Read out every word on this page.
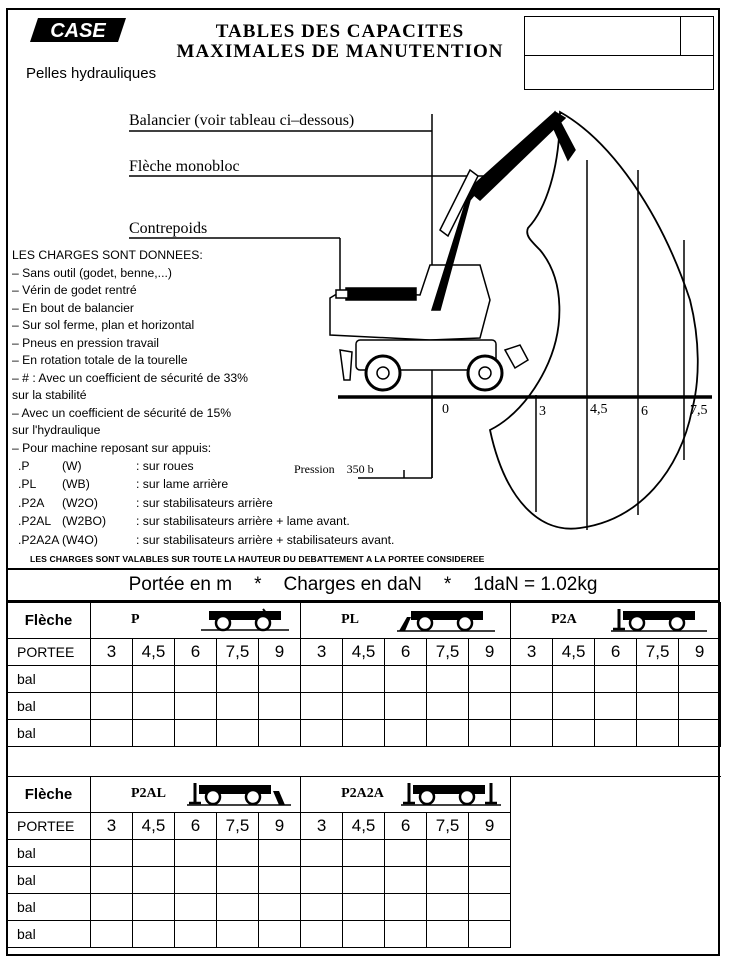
CASE	TABLES DES CAPACITES
MAXIMALES DE MANUTENTION
Pelles hydrauliques
Balancier (voir tableau ci–dessous)
Flèche monobloc
Contrepoids
0	3	4,5 6	7,5
Pression 350 b
LES CHARGES SONT DONNEES:
– Sans outil (godet, benne,...)
– Vérin de godet rentré
– En bout de balancier
– Sur sol ferme, plan et horizontal
– Pneus en pression travail
– En rotation totale de la tourelle
– # : Avec un coefficient de sécurité de 33%
sur la stabilité
– Avec un coefficient de sécurité de 15%
sur l'hydraulique
– Pour machine reposant sur appuis:
.P	(W)	: sur roues
.PL (WB)	: sur lame arrière
.P2A (W2O)	: sur stabilisateurs arrière
.P2AL (W2BO) : sur stabilisateurs arrière + lame avant.
.P2A2A (W4O)	: sur stabilisateurs arrière + stabilisateurs avant.
LES CHARGES SONT VALABLES SUR TOUTE LA HAUTEUR DU DEBATTEMENT A LA PORTEE CONSIDEREE
Portée en m * Charges en daN * 1daN = 1.02kg
Flèche	P					PL					P2A				

PORTEE	3	4,5	6	7,5	9	3	4,5	6	7,5	9	3	4,5	6	7,5	9
bal															
bal															
bal															
Flèche	P2AL					P2A2A					

PORTEE	3	4,5	6	7,5	9	3	4,5	6	7,5	9	
bal											
bal											
bal											
bal											
